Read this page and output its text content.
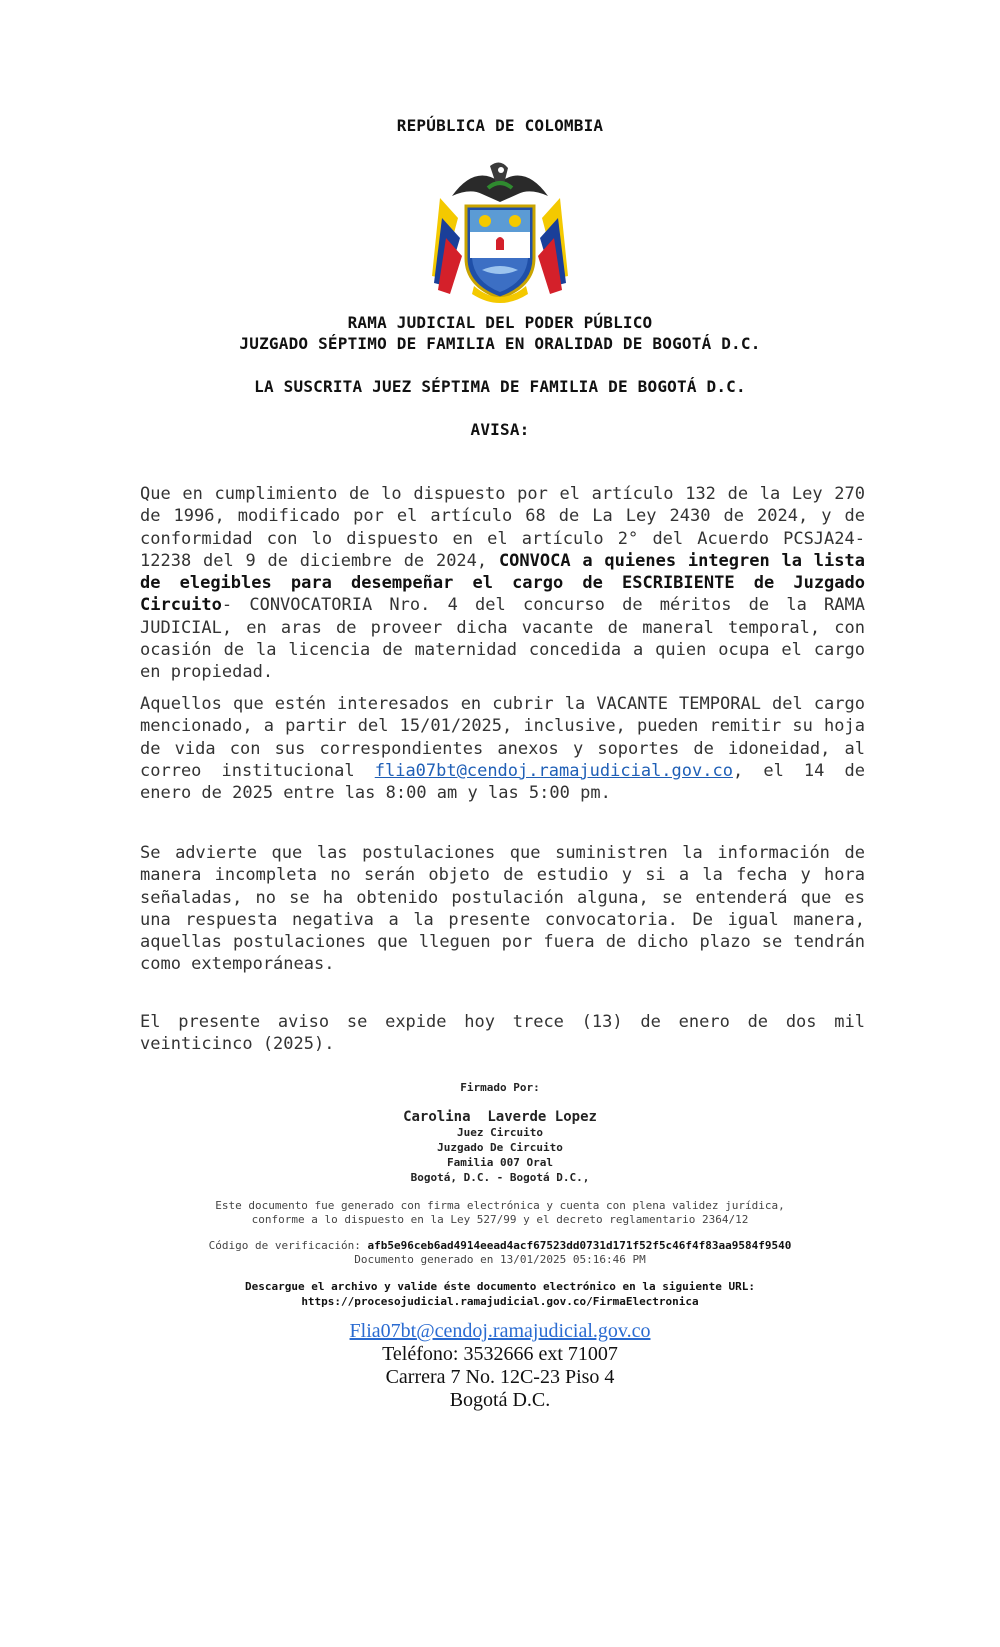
REPÚBLICA DE COLOMBIA
RAMA JUDICIAL DEL PODER PÚBLICO
JUZGADO SÉPTIMO DE FAMILIA EN ORALIDAD DE BOGOTÁ D.C.
LA SUSCRITA JUEZ SÉPTIMA DE FAMILIA DE BOGOTÁ D.C.
AVISA:

Que en cumplimiento de lo dispuesto por el artículo 132 de la Ley 270 de 1996, modificado por el artículo 68 de La Ley 2430 de 2024, y de conformidad con lo dispuesto en el artículo 2° del Acuerdo PCSJA24- 12238 del 9 de diciembre de 2024, CONVOCA a quienes integren la lista de elegibles para desempeñar el cargo de ESCRIBIENTE de Juzgado Circuito- CONVOCATORIA Nro. 4 del concurso de méritos de la RAMA JUDICIAL, en aras de proveer dicha vacante de maneral temporal, con ocasión de la licencia de maternidad concedida a quien ocupa el cargo en propiedad.

Aquellos que estén interesados en cubrir la VACANTE TEMPORAL del cargo mencionado, a partir del 15/01/2025, inclusive, pueden remitir su hoja de vida con sus correspondientes anexos y soportes de idoneidad, al correo institucional flia07bt@cendoj.ramajudicial.gov.co, el 14 de enero de 2025 entre las 8:00 am y las 5:00 pm.

Se advierte que las postulaciones que suministren la información de manera incompleta no serán objeto de estudio y si a la fecha y hora señaladas, no se ha obtenido postulación alguna, se entenderá que es una respuesta negativa a la presente convocatoria. De igual manera, aquellas postulaciones que lleguen por fuera de dicho plazo se tendrán como extemporáneas.

El presente aviso se expide hoy trece (13) de enero de dos mil veinticinco (2025).

Firmado Por:
Carolina  Laverde Lopez
Juez Circuito
Juzgado De Circuito
Familia 007 Oral
Bogotá, D.C. - Bogotá D.C.,
Este documento fue generado con firma electrónica y cuenta con plena validez jurídica,
conforme a lo dispuesto en la Ley 527/99 y el decreto reglamentario 2364/12
Código de verificación: afb5e96ceb6ad4914eead4acf67523dd0731d171f52f5c46f4f83aa9584f9540
Documento generado en 13/01/2025 05:16:46 PM
Descargue el archivo y valide éste documento electrónico en la siguiente URL:
https://procesojudicial.ramajudicial.gov.co/FirmaElectronica
Flia07bt@cendoj.ramajudicial.gov.co
Teléfono: 3532666 ext 71007
Carrera 7 No. 12C-23 Piso 4
Bogotá D.C.
